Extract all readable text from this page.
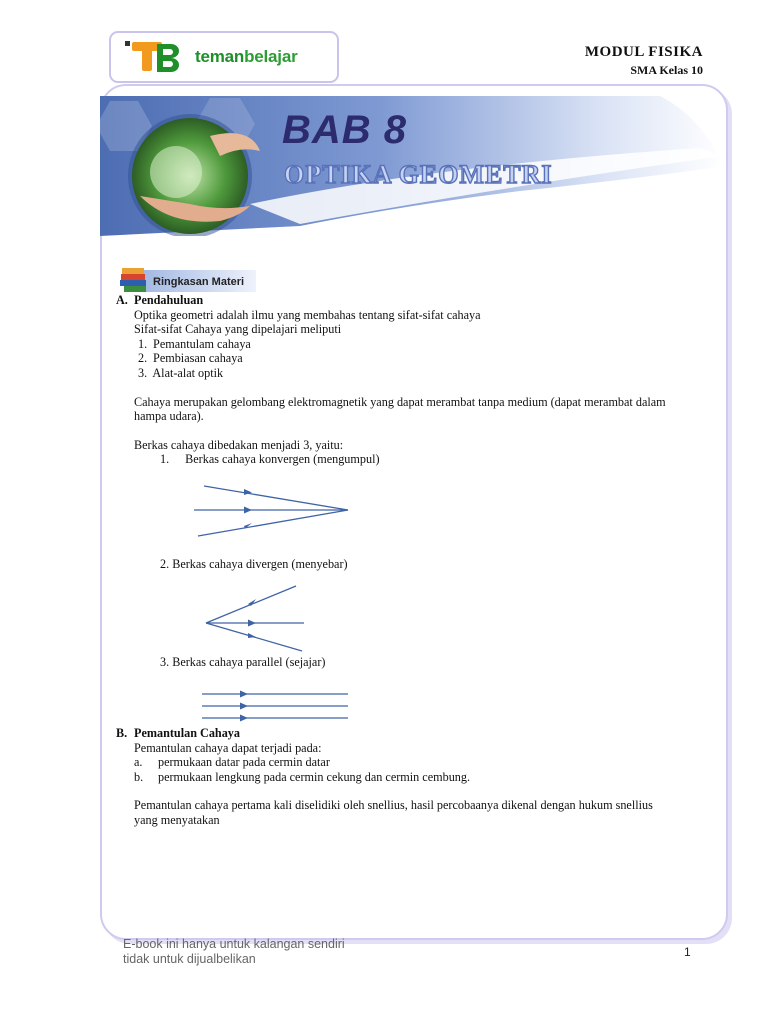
temanbelajar	MODUL FISIKA
SMA Kelas 10
BAB 8
OPTIKA GEOMETRI
Ringkasan Materi
A. Pendahuluan
Optika geometri adalah ilmu yang membahas tentang sifat-sifat cahaya
Sifat-sifat Cahaya yang dipelajari meliputi
1. Pemantulam cahaya
2. Pembiasan cahaya
3. Alat-alat optik
Cahaya merupakan gelombang elektromagnetik yang dapat merambat tanpa medium (dapat merambat dalam
hampa udara).
Berkas cahaya dibedakan menjadi 3, yaitu:
1. Berkas cahaya konvergen (mengumpul)
2. Berkas cahaya divergen (menyebar)
3. Berkas cahaya parallel (sejajar)
B. Pemantulan Cahaya
Pemantulan cahaya dapat terjadi pada:
a. permukaan datar pada cermin datar
b. permukaan lengkung pada cermin cekung dan cermin cembung.
Pemantulan cahaya pertama kali diselidiki oleh snellius, hasil percobaanya dikenal dengan hukum snellius
yang menyatakan
E-book ini hanya untuk kalangan sendiri
tidak untuk dijualbelikan	1
